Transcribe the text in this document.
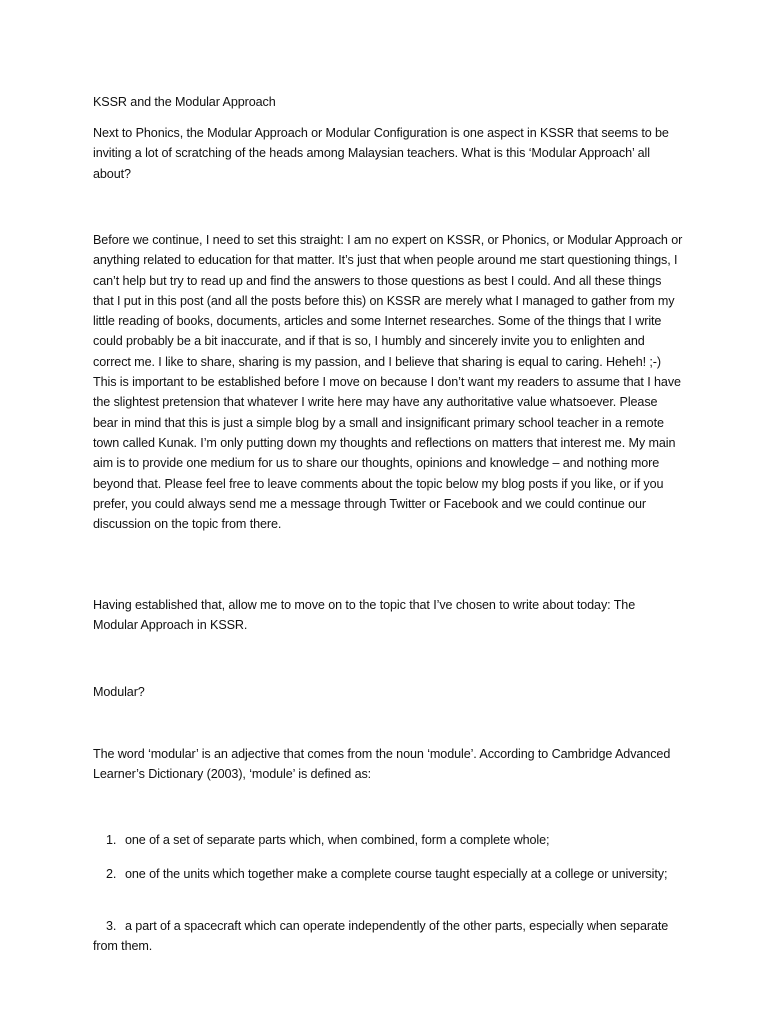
KSSR and the Modular Approach

Next to Phonics, the Modular Approach or Modular Configuration is one aspect in KSSR that seems to be inviting a lot of scratching of the heads among Malaysian teachers. What is this ‘Modular Approach’ all about?

Before we continue, I need to set this straight: I am no expert on KSSR, or Phonics, or Modular Approach or anything related to education for that matter. It’s just that when people around me start questioning things, I can’t help but try to read up and find the answers to those questions as best I could. And all these things that I put in this post (and all the posts before this) on KSSR are merely what I managed to gather from my little reading of books, documents, articles and some Internet researches. Some of the things that I write could probably be a bit inaccurate, and if that is so, I humbly and sincerely invite you to enlighten and correct me. I like to share, sharing is my passion, and I believe that sharing is equal to caring. Heheh! ;-) This is important to be established before I move on because I don’t want my readers to assume that I have the slightest pretension that whatever I write here may have any authoritative value whatsoever. Please bear in mind that this is just a simple blog by a small and insignificant primary school teacher in a remote town called Kunak. I’m only putting down my thoughts and reflections on matters that interest me. My main aim is to provide one medium for us to share our thoughts, opinions and knowledge – and nothing more beyond that. Please feel free to leave comments about the topic below my blog posts if you like, or if you prefer, you could always send me a message through Twitter or Facebook and we could continue our discussion on the topic from there.

Having established that, allow me to move on to the topic that I’ve chosen to write about today: The Modular Approach in KSSR.

Modular?

The word ‘modular’ is an adjective that comes from the noun ‘module’. According to Cambridge Advanced Learner’s Dictionary (2003), ‘module’ is defined as:

1. one of a set of separate parts which, when combined, form a complete whole;
2. one of the units which together make a complete course taught especially at a college or university;
3. a part of a spacecraft which can operate independently of the other parts, especially when separate from them.
